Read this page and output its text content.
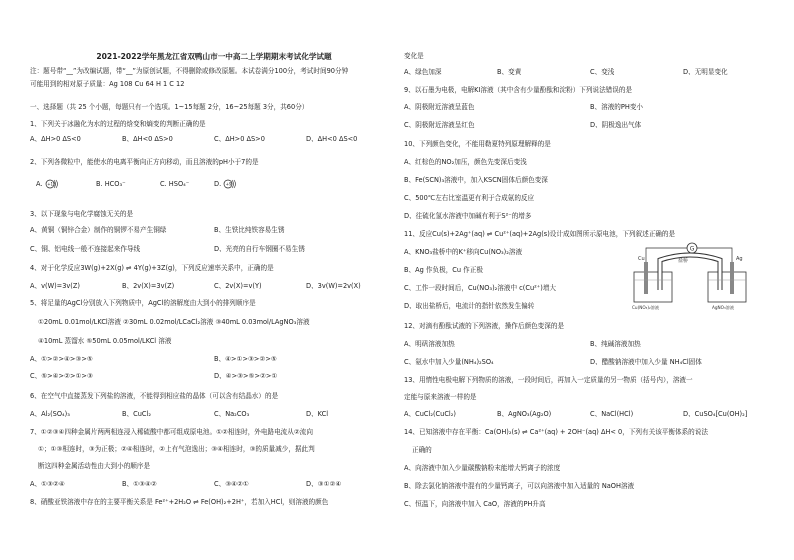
2021-2022学年黑龙江省双鸭山市一中高二上学期期末考试化学试题
注：题号带“__”为改编试题，带“__”为原创试题，不得删除或修改原题。本试卷满分100分，考试时间90分钟
可能用到的相对原子质量：Ag 108 Cu 64 H 1 C 12
一、选择题（共 25 个小题，每题只有一个选项。1~15每题 2分，16~25每题 3分，共60分）
1、下列关于冰融化为水的过程的焓变和熵变的判断正确的是
A、ΔH>0 ΔS<0	B、ΔH<0 ΔS>0	C、ΔH>0 ΔS>0	D、ΔH<0 ΔS<0
2、下列各微粒中，能使水的电离平衡向正方向移动，而且溶液的pH小于7的是
A. +13	B. HCO₃⁻	C. HSO₄⁻	D. +9
3、以下现象与电化学腐蚀无关的是
A、黄铜（铜锌合金）制作的铜锣不易产生铜绿	B、生铁比纯铁容易生锈
C、铜、铝电线一般不连接起来作导线	D、光亮的自行车钢圈不易生锈
4、对于化学反应3W(g)+2X(g) ⇌ 4Y(g)+3Z(g)，下列反应速率关系中，正确的是
A、v(W)=3v(Z)	B、2v(X)=3v(Z)	C、2v(X)=v(Y)	D、3v(W)=2v(X)
5、将足量的AgCl分别放入下列物质中，AgCl的溶解度由大到小的排列顺序是
①20mL 0.01mol/LKCl溶液 ②30mL 0.02mol/LCaCl₂溶液 ③40mL 0.03mol/LAgNO₃溶液
④10mL 蒸馏水 ⑤50mL 0.05mol/LKCl 溶液
A、①>②>④>③>⑤	B、④>①>③>②>⑤
C、⑤>④>②>①>③	D、④>③>⑤>②>①
6、在空气中直接蒸发下列盐的溶液，不能得到相应盐的晶体（可以含有结晶水）的是
A、Al₂(SO₄)₃	B、CuCl₂	C、Na₂CO₃	D、KCl
7、①②③④四种金属片两两相连浸入稀硫酸中都可组成原电池。①②相连时，外电路电流从②流向
①；①③相连时，③为正极；②④相连时，②上有气泡逸出；③④相连时，③的质量减少，据此判
断这四种金属活动性由大到小的顺序是
A、①③②④	B、①③④②	C、③④②①	D、③①②④
8、硝酸亚铁溶液中存在的主要平衡关系是 Fe²⁺+2H₂O ⇌ Fe(OH)₂+2H⁺，若加入HCl，则溶液的颜色
变化是
A、绿色加深	B、变黄	C、变浅	D、无明显变化
9、以石墨为电极，电解KI溶液（其中含有少量酚酞和淀粉）下列说法错误的是
A、阴极附近溶液呈蓝色	B、溶液的PH变小
C、阴极附近溶液呈红色	D、阴极逸出气体
10、下列颜色变化，不能用勒夏特列原理解释的是
A、红棕色的NO₂加压，颜色先变深后变浅
B、Fe(SCN)₃溶液中，加入KSCN固体后颜色变深
C、500℃左右比室温更有利于合成氨的反应
D、往硫化氢水溶液中加碱有利于S²⁻的增多
11、反应Cu(s)+2Ag⁺(aq) ⇌ Cu²⁺(aq)+2Ag(s)设计成如图所示原电池，下列叙述正确的是
A、KNO₃盐桥中的K⁺移向Cu(NO₃)₂溶液
B、Ag 作负极，Cu 作正极
C、工作一段时间后，Cu(NO₃)₂溶液中 c(Cu²⁺)增大
D、取出盐桥后，电流计的指针依然发生偏转
G
Cu	Ag
盐桥
Cu(NO₃)₂溶液	AgNO₃溶液
12、对滴有酚酞试液的下列溶液，操作后颜色变深的是
A、明矾溶液加热	B、纯碱溶液加热
C、氨水中加入少量(NH₄)₂SO₄	D、醋酸钠溶液中加入少量 NH₄Cl固体
13、用惰性电极电解下列物质的溶液，一段时间后，再加入一定质量的另一物质（括号内），溶液一
定能与原来溶液一样的是
A、CuCl₂(CuCl₂)	B、AgNO₃(Ag₂O)	C、NaCl(HCl)	D、CuSO₄[Cu(OH)₂]
14、已知溶液中存在平衡：Ca(OH)₂(s) ⇌ Ca²⁺(aq) + 2OH⁻(aq) ΔH< 0，下列有关该平衡体系的说法
正确的
A、向溶液中加入少量碳酸钠粉末能增大钙离子的浓度
B、除去氯化钠溶液中混有的少量钙离子，可以向溶液中加入适量的 NaOH溶液
C、恒温下，向溶液中加入 CaO，溶液的PH升高
